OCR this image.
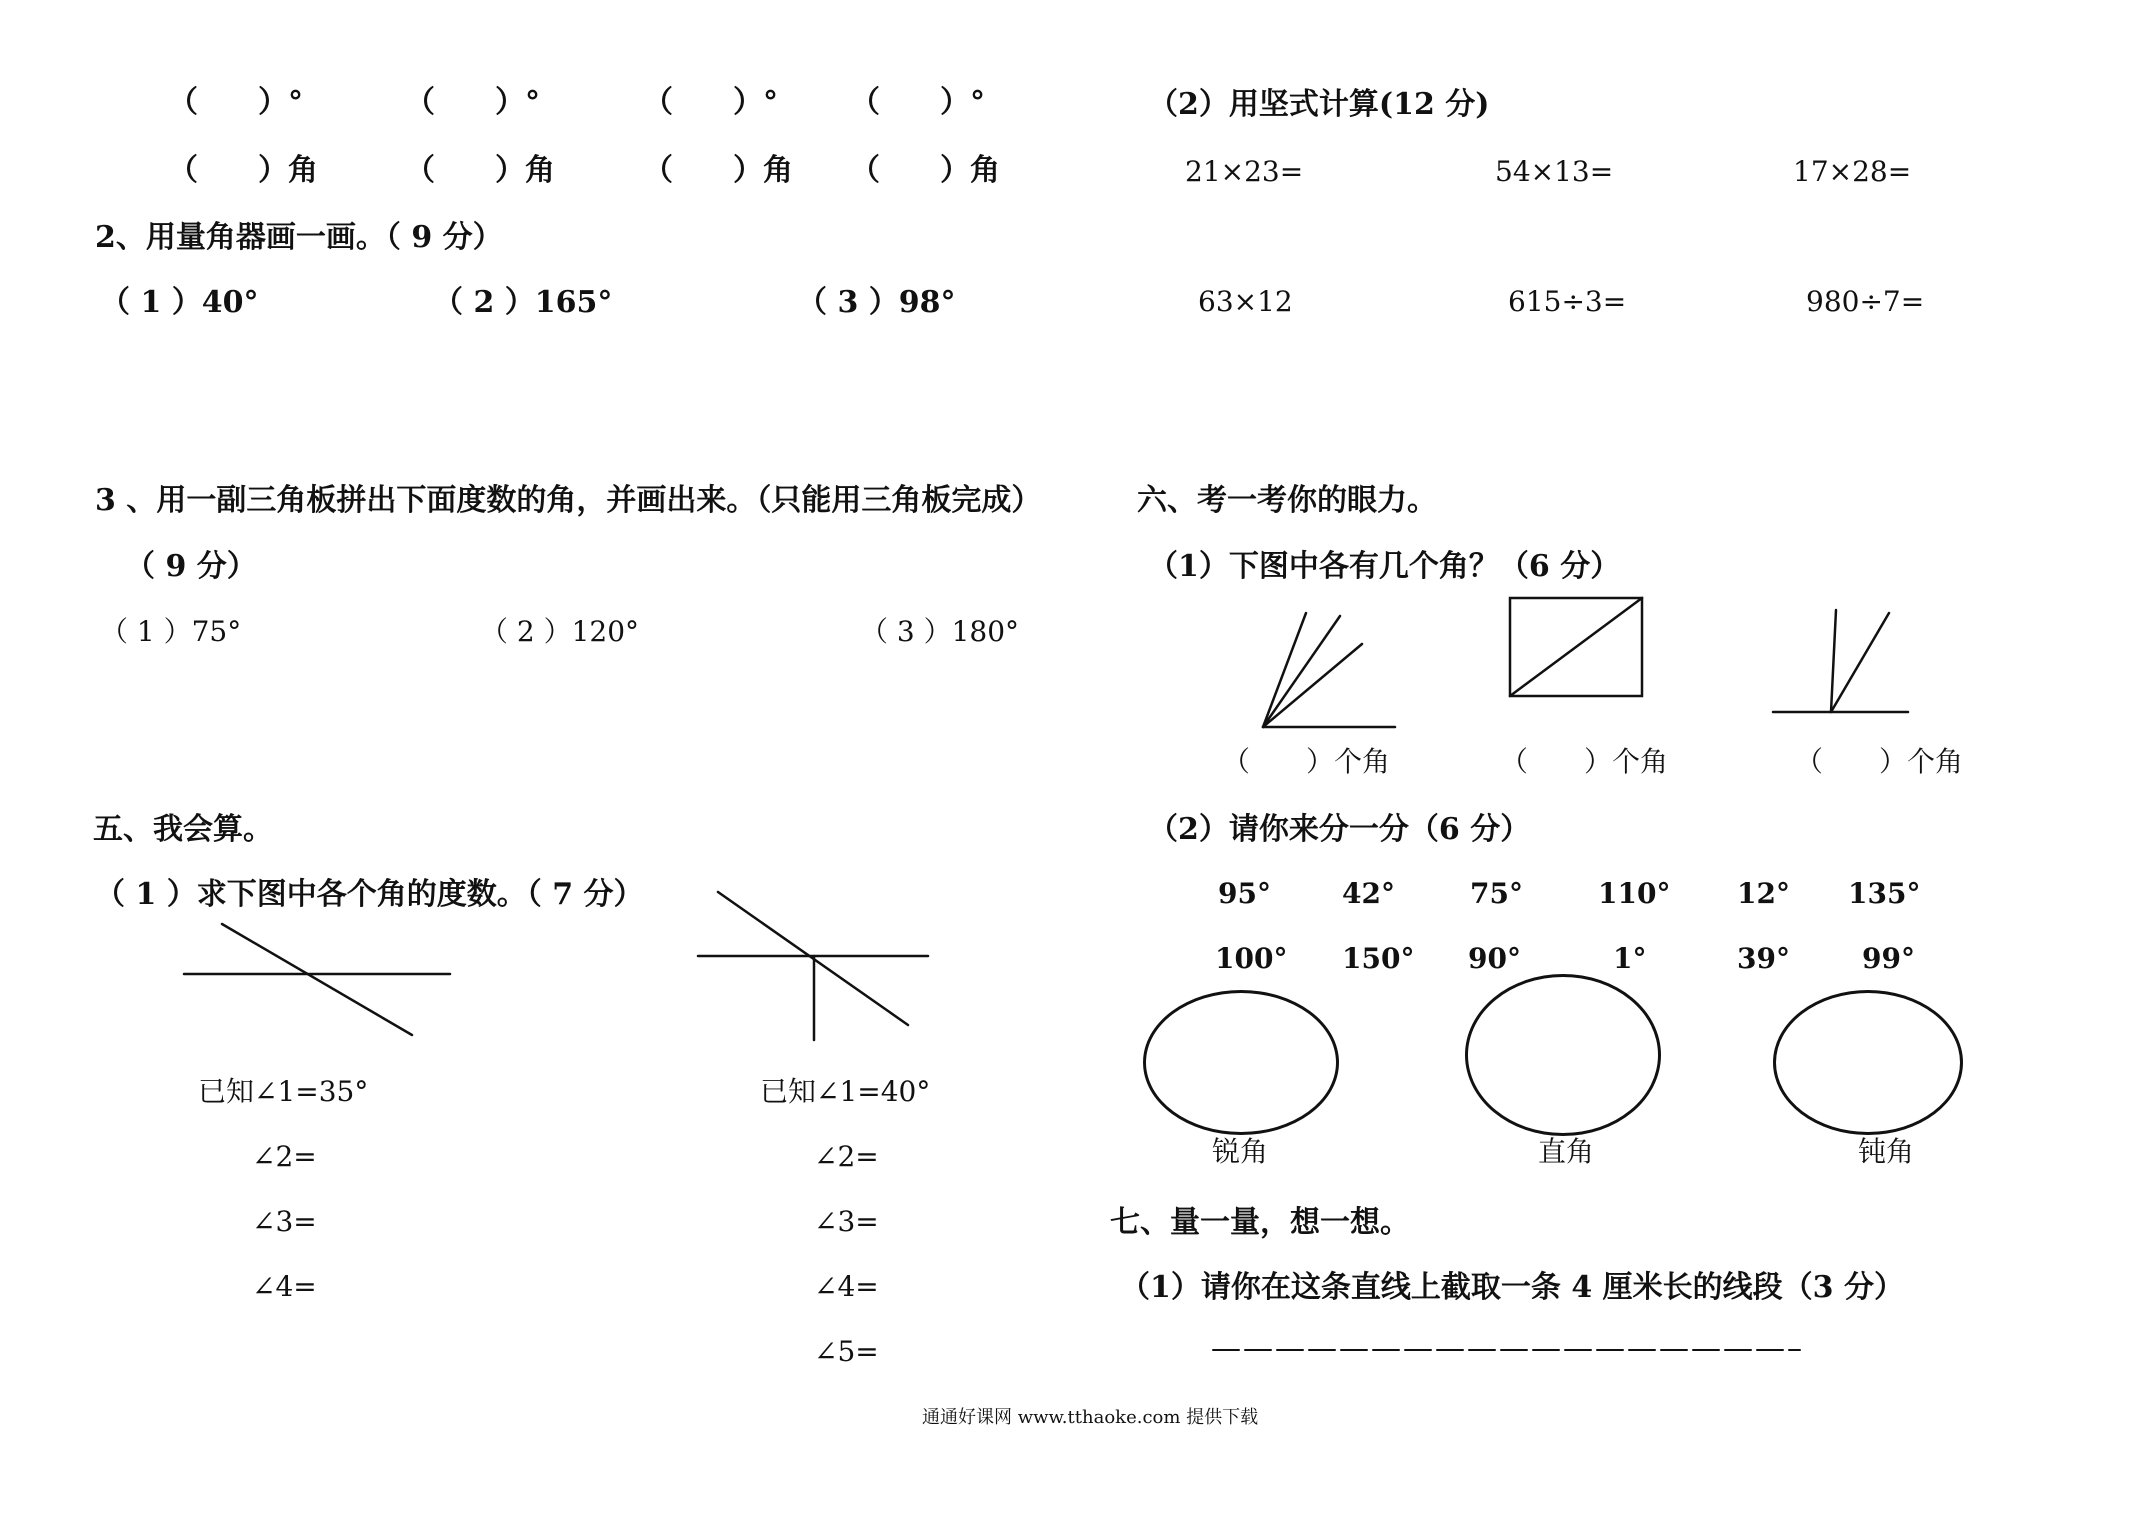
（　　）°	（　　）°	（　　）° （　　）°
（　　）角	（　　）角	（　　）角 （　　）角
（2）用坚式计算(12 分)
21×23=	54×13=	17×28=
63×12	615÷3=	980÷7=
2、用量角器画一画。（ 9 分）
（ 1 ）40°	（ 2 ）165°	（ 3 ）98°
3 、用一副三角板拼出下面度数的角，并画出来。（只能用三角板完成）
（ 9 分）
（ 1 ）75°	（ 2 ）120°	（ 3 ）180°
五、我会算。
（ 1 ）求下图中各个角的度数。（ 7 分）
已知∠1=35°
∠2=
∠3=
∠4=
已知∠1=40°
∠2=
∠3=
∠4=
∠5=
六、考一考你的眼力。
（1）下图中各有几个角？（6 分）
（　　）个角	（　　）个角	（　　）个角
（2）请你来分一分（6 分）
95°	42°	75°	110° 12° 135°
100° 150° 90°	1°	39°	99°
锐角	直角	钝角
七、量一量，想一想。
（1）请你在这条直线上截取一条 4 厘米长的线段（3 分）
通通好课网 www.tthaoke.com 提供下载
